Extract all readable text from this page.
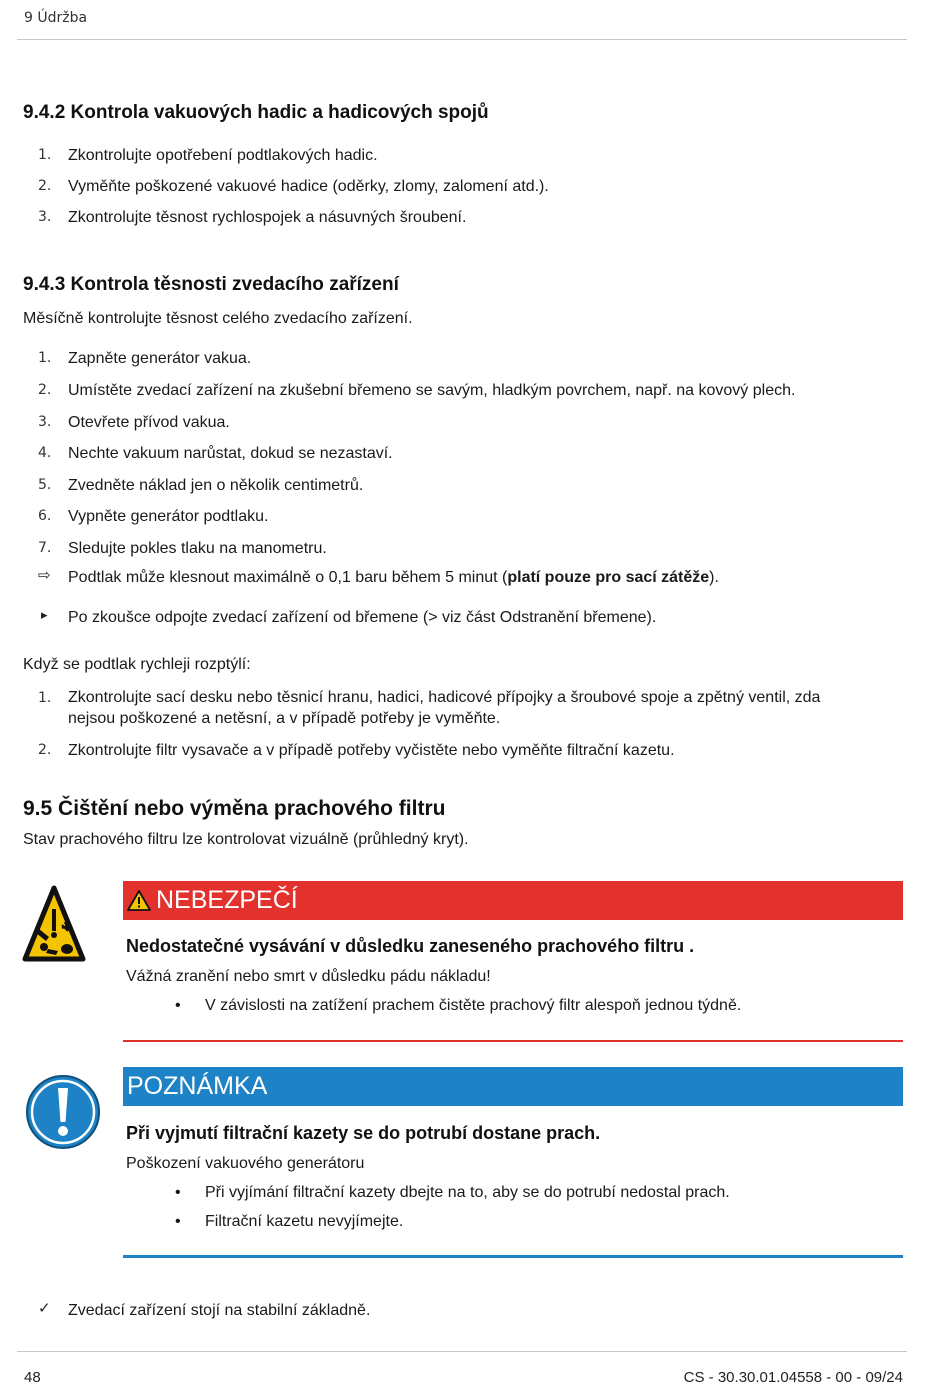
9 Údržba
9.4.2 Kontrola vakuových hadic a hadicových spojů
1. Zkontrolujte opotřebení podtlakových hadic.
2. Vyměňte poškozené vakuové hadice (oděrky, zlomy, zalomení atd.).
3. Zkontrolujte těsnost rychlospojek a násuvných šroubení.
9.4.3 Kontrola těsnosti zvedacího zařízení
Měsíčně kontrolujte těsnost celého zvedacího zařízení.
1. Zapněte generátor vakua.
2. Umístěte zvedací zařízení na zkušební břemeno se savým, hladkým povrchem, např. na kovový plech.
3. Otevřete přívod vakua.
4. Nechte vakuum narůstat, dokud se nezastaví.
5. Zvedněte náklad jen o několik centimetrů.
6. Vypněte generátor podtlaku.
7. Sledujte pokles tlaku na manometru.
⇨ Podtlak může klesnout maximálně o 0,1 baru během 5 minut (platí pouze pro sací zátěže).
▸ Po zkoušce odpojte zvedací zařízení od břemene (> viz část Odstranění břemene).
Když se podtlak rychleji rozptýlí:
1. Zkontrolujte sací desku nebo těsnicí hranu, hadici, hadicové přípojky a šroubové spoje a zpětný ventil, zda
nejsou poškozené a netěsní, a v případě potřeby je vyměňte.
2. Zkontrolujte filtr vysavače a v případě potřeby vyčistěte nebo vyměňte filtrační kazetu.
9.5 Čištění nebo výměna prachového filtru
Stav prachového filtru lze kontrolovat vizuálně (průhledný kryt).
NEBEZPEČÍ
Nedostatečné vysávání v důsledku zaneseného prachového filtru .
Vážná zranění nebo smrt v důsledku pádu nákladu!
• V závislosti na zatížení prachem čistěte prachový filtr alespoň jednou týdně.
POZNÁMKA
Při vyjmutí filtrační kazety se do potrubí dostane prach.
Poškození vakuového generátoru
• Při vyjímání filtrační kazety dbejte na to, aby se do potrubí nedostal prach.
• Filtrační kazetu nevyjímejte.
✓ Zvedací zařízení stojí na stabilní základně.
48	CS - 30.30.01.04558 - 00 - 09/24
